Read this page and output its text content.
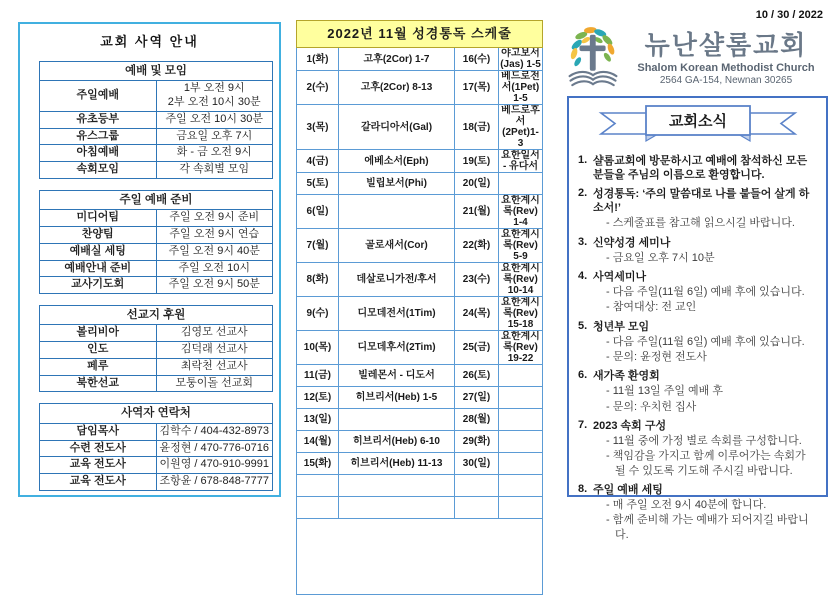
교회 사역 안내
예배 및 모임	
주일예배	1부 오전 9시
2부 오전 10시 30분
유초등부	주일 오전 10시 30분
유스그룹	금요일 오후 7시
아침예배	화 - 금 오전 9시
속회모임	각 속회별 모임
주일 예배 준비	
미디어팀	주일 오전 9시 준비
찬양팀	주일 오전 9시 연습
예배실 세팅	주일 오전 9시 40분
예배안내 준비	주일 오전 10시
교사기도회	주일 오전 9시 50분
선교지 후원	
볼리비아	김영모 선교사
인도	김덕래 선교사
페루	최락천 선교사
북한선교	모퉁이돌 선교회
사역자 연락처	
담임목사	김학수 / 404-432-8973
수련 전도사	윤정현 / 470-776-0716
교육 전도사	이원영 / 470-910-9991
교육 전도사	조항윤 / 678-848-7777
2022년 11월 성경통독 스케줄			
1(화)	고후(2Cor) 1-7	16(수)	야고보서(Jas) 1-5
2(수)	고후(2Cor) 8-13	17(목)	베드로전서(1Pet) 1-5
3(목)	갈라디아서(Gal)	18(금)	베드로후서(2Pet)1-3
4(금)	에베소서(Eph)	19(토)	요한일서 - 유다서
5(토)	빌립보서(Phi)	20(일)	
6(일)		21(월)	요한계시록(Rev) 1-4
7(월)	골로새서(Cor)	22(화)	요한계시록(Rev) 5-9
8(화)	데살로니가전/후서	23(수)	요한계시록(Rev) 10-14
9(수)	디모데전서(1Tim)	24(목)	요한계시록(Rev) 15-18
10(목)	디모데후서(2Tim)	25(금)	요한계시록(Rev) 19-22
11(금)	빌레몬서 - 디도서	26(토)	
12(토)	히브리서(Heb) 1-5	27(일)	
13(일)		28(월)	
14(월)	히브리서(Heb) 6-10	29(화)	
15(화)	히브리서(Heb) 11-13	30(일)	

10 / 30 / 2022
뉴난샬롬교회
Shalom Korean Methodist Church
2564 GA-154, Newnan 30265
교회소식
1. 샬롬교회에 방문하시고 예배에 참석하신 모든 분들을 주님의 이름으로 환영합니다.
2. 성경통독: ‘주의 말씀대로 나를 붙들어 살게 하소서!’
- 스케줄표를 참고해 읽으시길 바랍니다.
3. 신약성경 세미나
- 금요일 오후 7시 10분
4. 사역세미나
- 다음 주일(11월 6일) 예배 후에 있습니다.
- 참여대상: 전 교인
5. 청년부 모임
- 다음 주일(11월 6일) 예배 후에 있습니다.
- 문의: 윤정현 전도사
6. 새가족 환영회
- 11월 13일 주일 예배 후
- 문의: 우치헌 집사
7. 2023 속회 구성
- 11월 중에 가정 별로 속회를 구성합니다.
- 책임감을 가지고 함께 이루어가는 속회가 될 수 있도록 기도해 주시길 바랍니다.
8. 주일 예배 세팅
- 매 주일 오전 9시 40분에 합니다.
- 함께 준비해 가는 예배가 되어지길 바랍니다.
